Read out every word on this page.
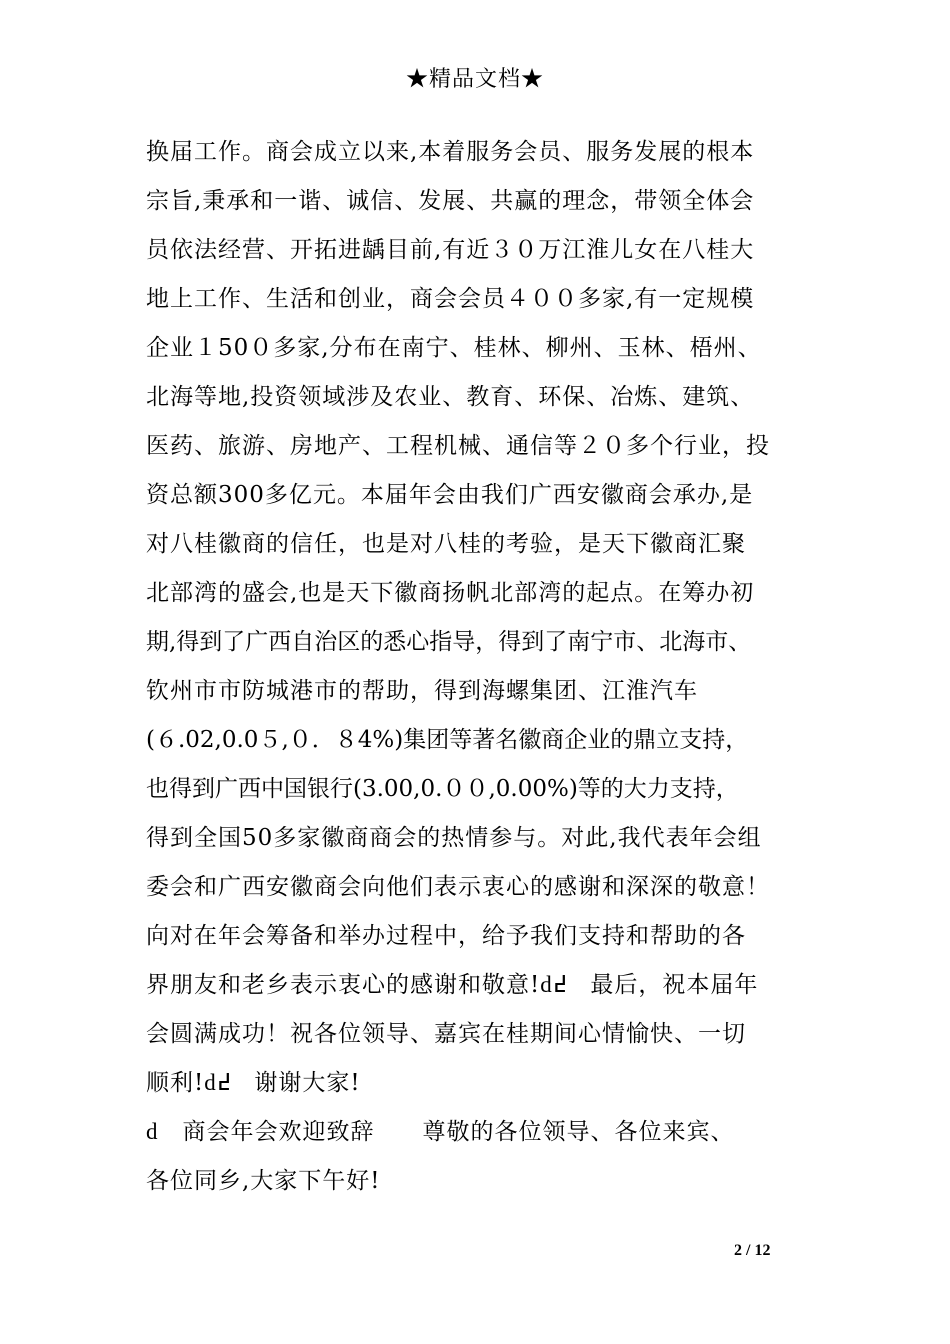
★精品文档★
换届工作。商会成立以来,本着服务会员、服务发展的根本
宗旨,秉承和一谐、诚信、发展、共赢的理念，带领全体会
员依法经营、开拓进龋目前,有近３０万江淮儿女在八桂大
地上工作、生活和创业，商会会员４００多家,有一定规模
企业１50０多家,分布在南宁、桂林、柳州、玉林、梧州、
北海等地,投资领域涉及农业、教育、环保、冶炼、建筑、
医药、旅游、房地产、工程机械、通信等２０多个行业，投
资总额300多亿元。本届年会由我们广西安徽商会承办,是
对八桂徽商的信任，也是对八桂的考验，是天下徽商汇聚
北部湾的盛会,也是天下徽商扬帆北部湾的起点。在筹办初
期,得到了广西自治区的悉心指导，得到了南宁市、北海市、
钦州市市防城港市的帮助，得到海螺集团、江淮汽车
(６.02,0.0５,０．８4%)集团等著名徽商企业的鼎立支持，
也得到广西中国银行(3.00,0.００,0.00%)等的大力支持，
得到全国50多家徽商商会的热情参与。对此,我代表年会组
委会和广西安徽商会向他们表示衷心的感谢和深深的敬意！
向对在年会筹备和举办过程中，给予我们支持和帮助的各
界朋友和老乡表示衷心的感谢和敬意!ԁ߄　最后，祝本届年
会圆满成功！祝各位领导、嘉宾在桂期间心情愉快、一切
顺利!ԁ߄　谢谢大家!
ԁ　商会年会欢迎致辞　　尊敬的各位领导、各位来宾、
各位同乡,大家下午好!
2 / 12
